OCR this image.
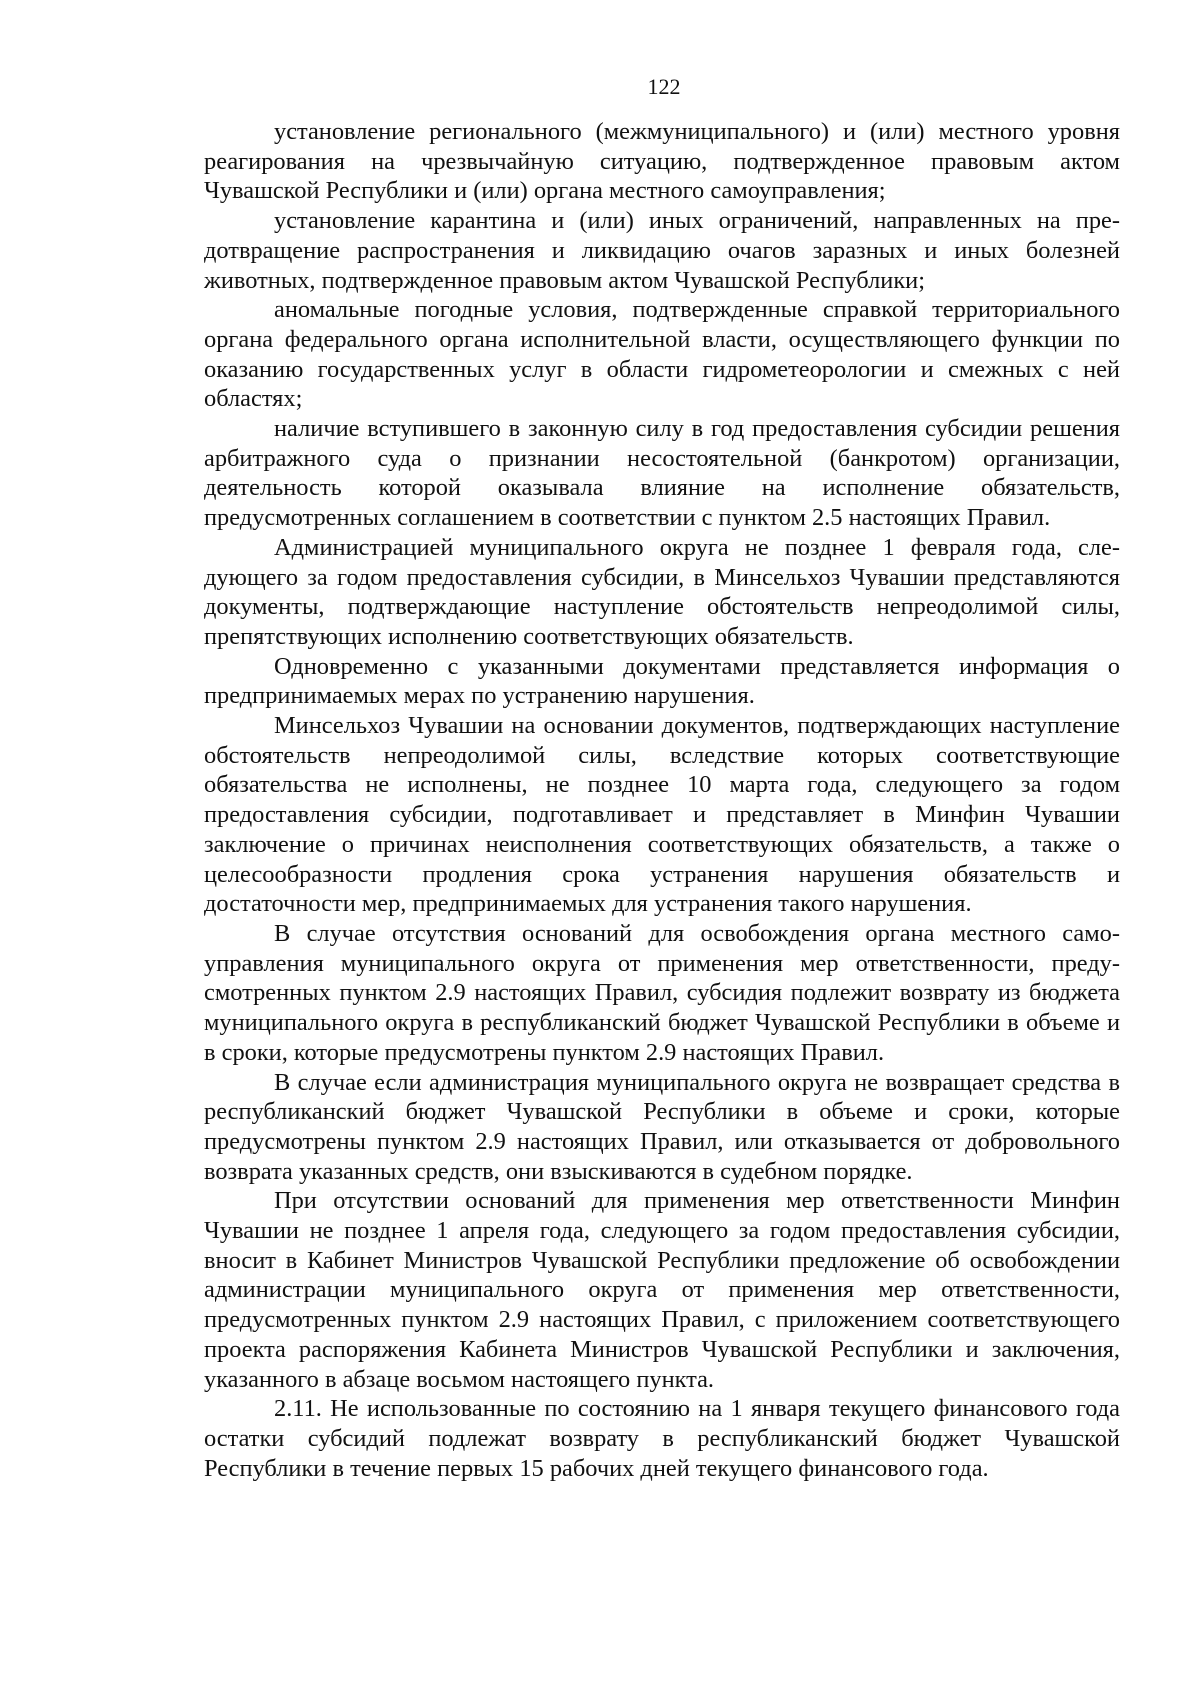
122

установление регионального (межмуниципального) и (или) местного уровня реагирования на чрезвычайную ситуацию, подтвержденное правовым актом Чувашской Республики и (или) органа местного самоуправления;

установление карантина и (или) иных ограничений, направленных на предотвращение распространения и ликвидацию очагов заразных и иных болезней животных, подтвержденное правовым актом Чувашской Республики;

аномальные погодные условия, подтвержденные справкой территориального органа федерального органа исполнительной власти, осуществляющего функции по оказанию государственных услуг в области гидрометеорологии и смежных с ней областях;

наличие вступившего в законную силу в год предоставления субсидии решения арбитражного суда о признании несостоятельной (банкротом) организации, деятельность которой оказывала влияние на исполнение обязательств, предусмотренных соглашением в соответствии с пунктом 2.5 настоящих Правил.

Администрацией муниципального округа не позднее 1 февраля года, следующего за годом предоставления субсидии, в Минсельхоз Чувашии представляются документы, подтверждающие наступление обстоятельств непреодолимой силы, препятствующих исполнению соответствующих обязательств.

Одновременно с указанными документами представляется информация о предпринимаемых мерах по устранению нарушения.

Минсельхоз Чувашии на основании документов, подтверждающих наступление обстоятельств непреодолимой силы, вследствие которых соответствующие обязательства не исполнены, не позднее 10 марта года, следующего за годом предоставления субсидии, подготавливает и представляет в Минфин Чувашии заключение о причинах неисполнения соответствующих обязательств, а также о целесообразности продления срока устранения нарушения обязательств и достаточности мер, предпринимаемых для устранения такого нарушения.

В случае отсутствия оснований для освобождения органа местного самоуправления муниципального округа от применения мер ответственности, предусмотренных пунктом 2.9 настоящих Правил, субсидия подлежит возврату из бюджета муниципального округа в республиканский бюджет Чувашской Республики в объеме и в сроки, которые предусмотрены пунктом 2.9 настоящих Правил.

В случае если администрация муниципального округа не возвращает средства в республиканский бюджет Чувашской Республики в объеме и сроки, которые предусмотрены пунктом 2.9 настоящих Правил, или отказывается от добровольного возврата указанных средств, они взыскиваются в судебном порядке.

При отсутствии оснований для применения мер ответственности Минфин Чувашии не позднее 1 апреля года, следующего за годом предоставления субсидии, вносит в Кабинет Министров Чувашской Республики предложение об освобождении администрации муниципального округа от применения мер ответственности, предусмотренных пунктом 2.9 настоящих Правил, с приложением соответствующего проекта распоряжения Кабинета Министров Чувашской Республики и заключения, указанного в абзаце восьмом настоящего пункта.

2.11. Не использованные по состоянию на 1 января текущего финансового года остатки субсидий подлежат возврату в республиканский бюджет Чувашской Республики в течение первых 15 рабочих дней текущего финансового года.
